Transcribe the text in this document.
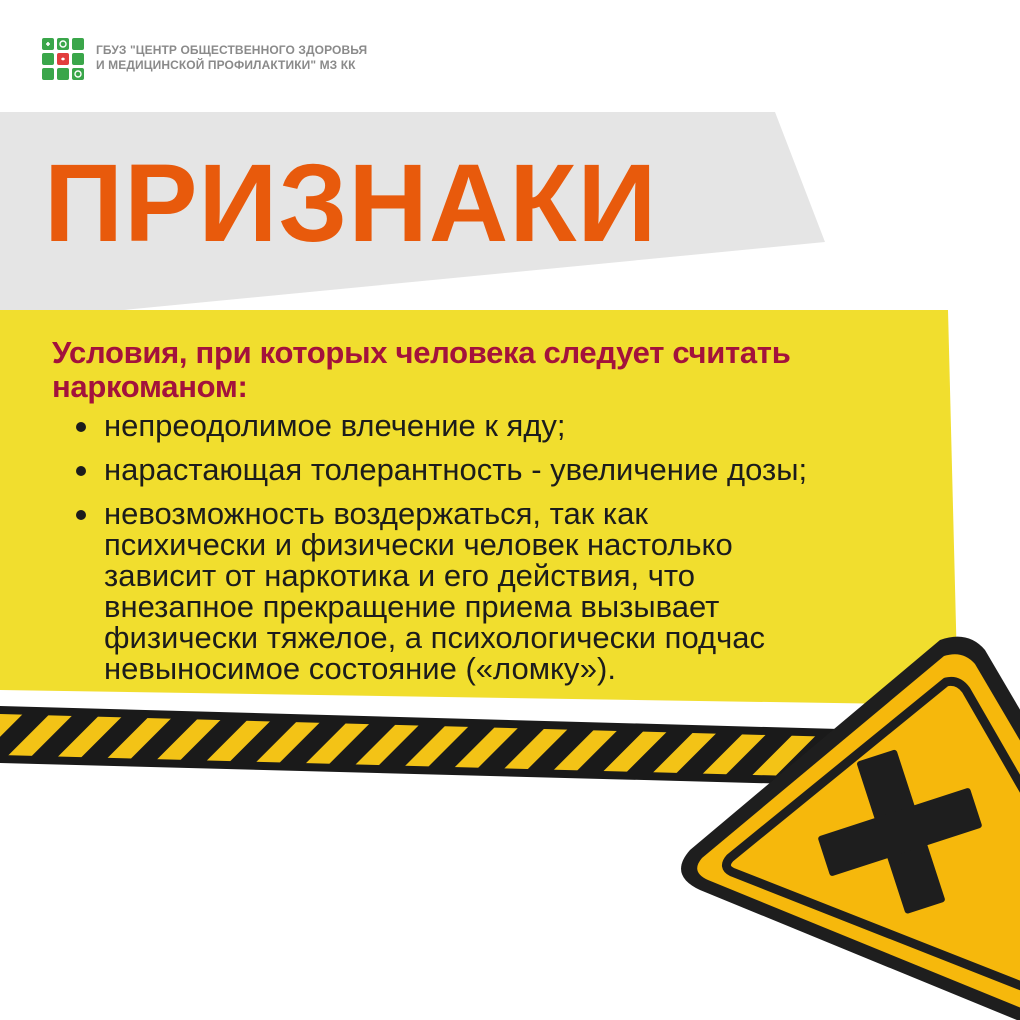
ГБУЗ "ЦЕНТР ОБЩЕСТВЕННОГО ЗДОРОВЬЯ
И МЕДИЦИНСКОЙ ПРОФИЛАКТИКИ" МЗ КК
ПРИЗНАКИ

Условия, при которых человека следует считать
наркоманом:

непреодолимое влечение к яду;
нарастающая толерантность - увеличение дозы;
невозможность воздержаться, так как
психически и физически человек настолько
зависит от наркотика и его действия, что
внезапное прекращение приема вызывает
физически тяжелое, а психологически подчас
невыносимое состояние («ломку»).
